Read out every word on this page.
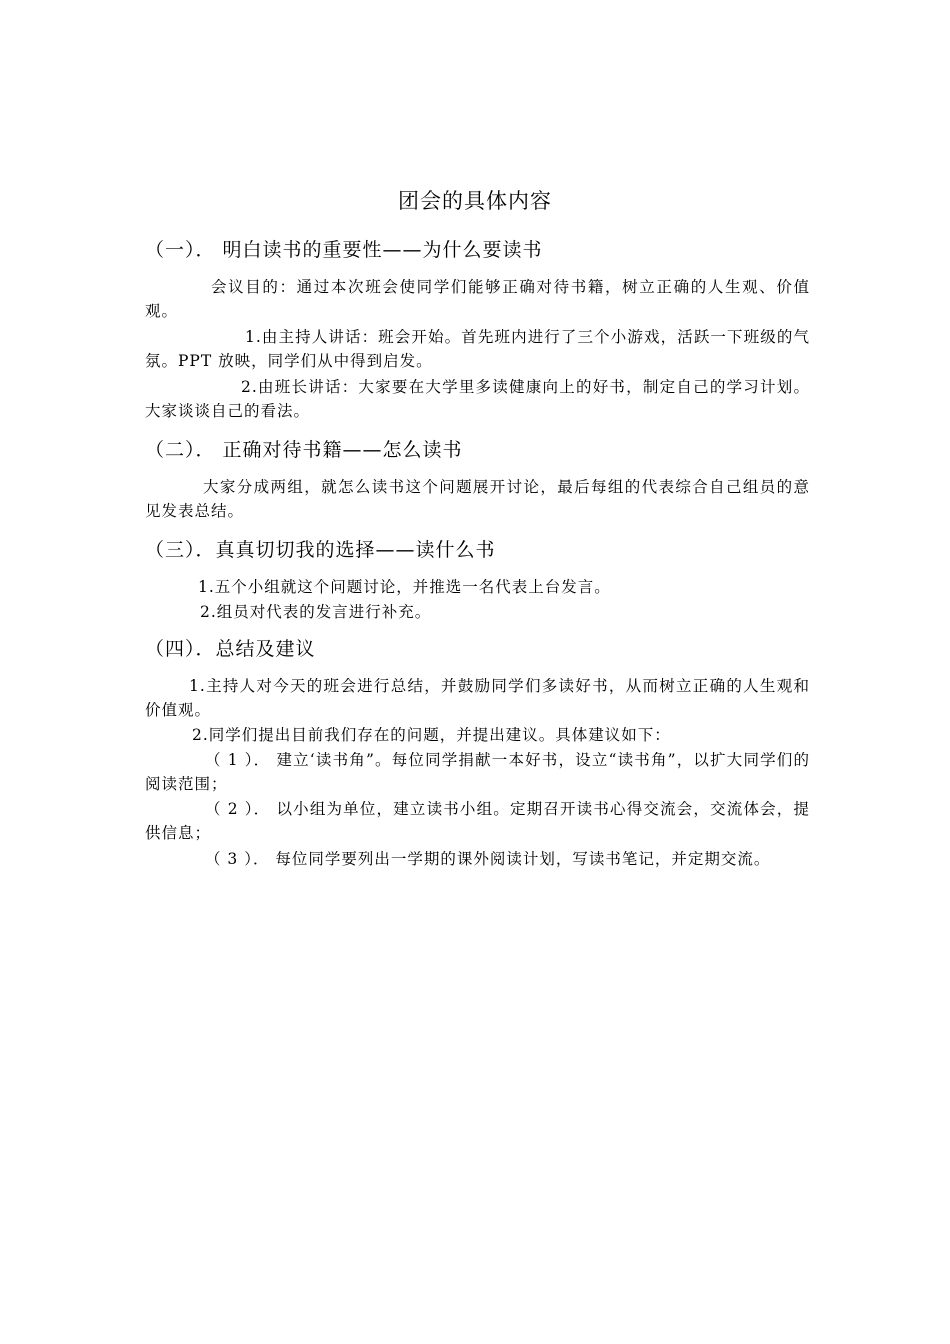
团会的具体内容
（一）． 明白读书的重要性——为什么要读书
会议目的：通过本次班会使同学们能够正确对待书籍，树立正确的人生观、价值观。
1.由主持人讲话：班会开始。首先班内进行了三个小游戏，活跃一下班级的气氛。PPT 放映，同学们从中得到启发。
2.由班长讲话：大家要在大学里多读健康向上的好书，制定自己的学习计划。大家谈谈自己的看法。
（二）． 正确对待书籍——怎么读书
大家分成两组，就怎么读书这个问题展开讨论，最后每组的代表综合自己组员的意见发表总结。
（三）．真真切切我的选择——读什么书
1.五个小组就这个问题讨论，并推选一名代表上台发言。
2.组员对代表的发言进行补充。
（四）．总结及建议
1.主持人对今天的班会进行总结，并鼓励同学们多读好书，从而树立正确的人生观和价值观。
2.同学们提出目前我们存在的问题，并提出建议。具体建议如下：
（ 1 ）． 建立‘读书角”。每位同学捐献一本好书，设立“读书角”，以扩大同学们的阅读范围；
（ 2 ）． 以小组为单位，建立读书小组。定期召开读书心得交流会，交流体会，提供信息；
（ 3 ）． 每位同学要列出一学期的课外阅读计划，写读书笔记，并定期交流。
